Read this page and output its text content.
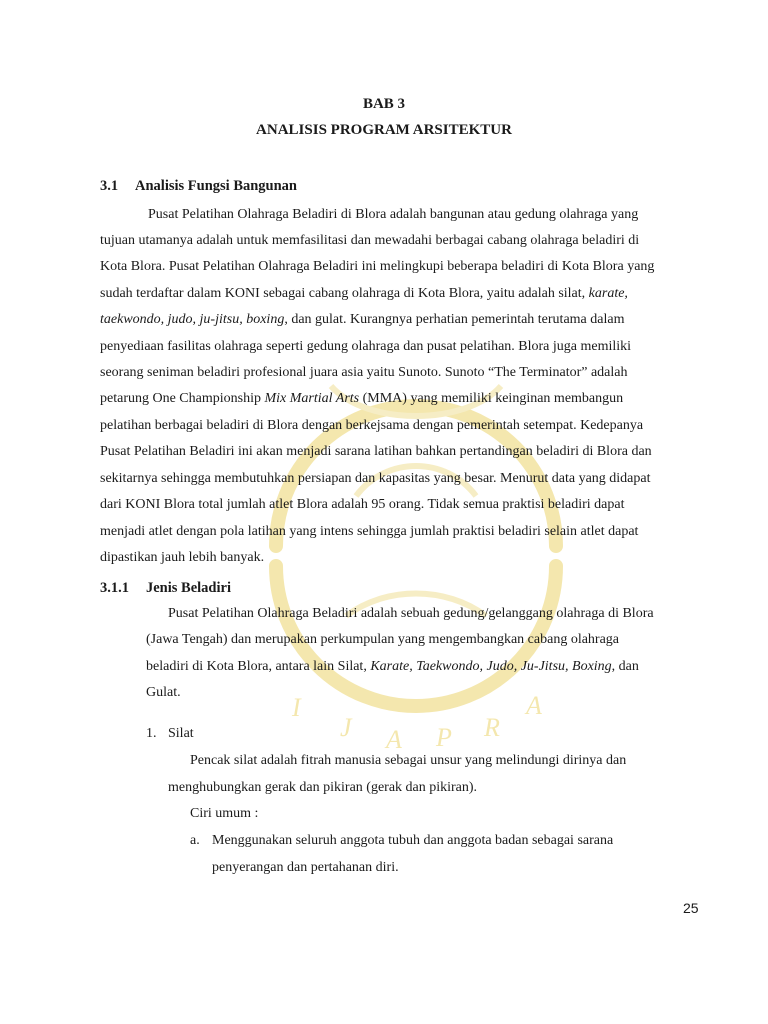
I
J A P R
A
BAB 3
ANALISIS PROGRAM ARSITEKTUR
3.1 Analisis Fungsi Bangunan
Pusat Pelatihan Olahraga Beladiri di Blora adalah bangunan atau gedung olahraga yang
tujuan utamanya adalah untuk memfasilitasi dan mewadahi berbagai cabang olahraga beladiri di
Kota Blora. Pusat Pelatihan Olahraga Beladiri ini melingkupi beberapa beladiri di Kota Blora yang
sudah terdaftar dalam KONI sebagai cabang olahraga di Kota Blora, yaitu adalah silat, karate,
taekwondo, judo, ju-jitsu, boxing, dan gulat. Kurangnya perhatian pemerintah terutama dalam
penyediaan fasilitas olahraga seperti gedung olahraga dan pusat pelatihan. Blora juga memiliki
seorang seniman beladiri profesional juara asia yaitu Sunoto. Sunoto “The Terminator” adalah
petarung One Championship Mix Martial Arts (MMA) yang memiliki keinginan membangun
pelatihan berbagai beladiri di Blora dengan berkejsama dengan pemerintah setempat. Kedepanya
Pusat Pelatihan Beladiri ini akan menjadi sarana latihan bahkan pertandingan beladiri di Blora dan
sekitarnya sehingga membutuhkan persiapan dan kapasitas yang besar. Menurut data yang didapat
dari KONI Blora total jumlah atlet Blora adalah 95 orang. Tidak semua praktisi beladiri dapat
menjadi atlet dengan pola latihan yang intens sehingga jumlah praktisi beladiri selain atlet dapat
dipastikan jauh lebih banyak.
3.1.1 Jenis Beladiri
Pusat Pelatihan Olahraga Beladiri adalah sebuah gedung/gelanggang olahraga di Blora
(Jawa Tengah) dan merupakan perkumpulan yang mengembangkan cabang olahraga
beladiri di Kota Blora, antara lain Silat, Karate, Taekwondo, Judo, Ju-Jitsu, Boxing, dan
Gulat.
1. Silat
Pencak silat adalah fitrah manusia sebagai unsur yang melindungi dirinya dan
menghubungkan gerak dan pikiran (gerak dan pikiran).
Ciri umum :
a. Menggunakan seluruh anggota tubuh dan anggota badan sebagai sarana
penyerangan dan pertahanan diri.
25
